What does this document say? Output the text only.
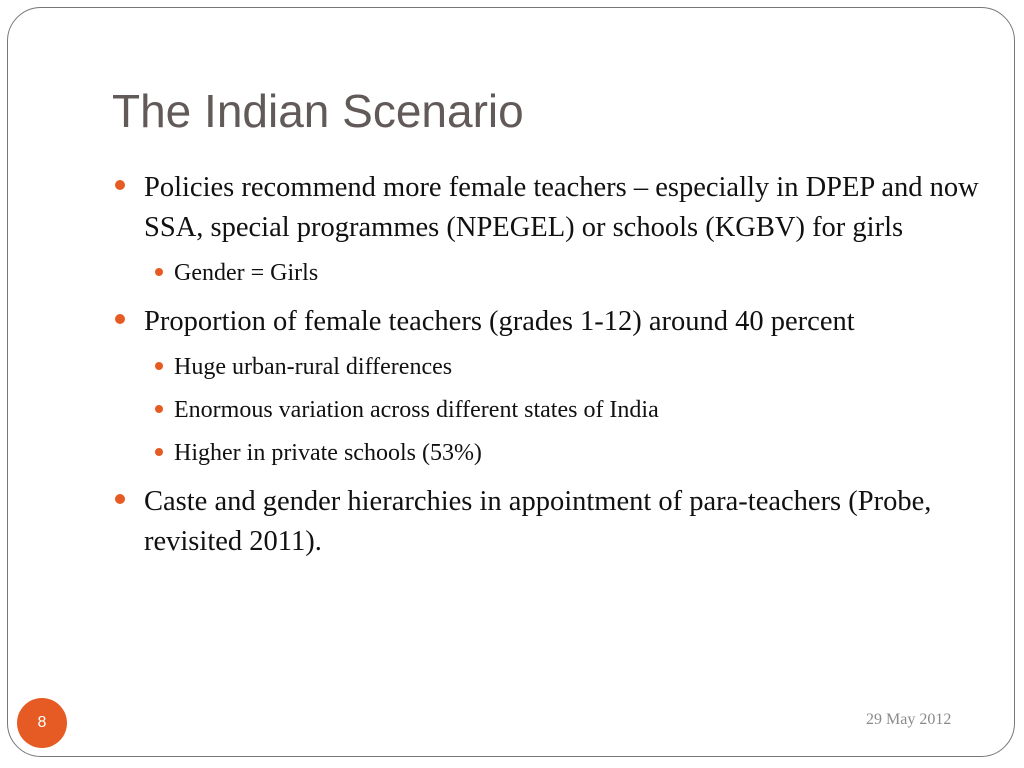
The Indian Scenario
Policies recommend more female teachers – especially in DPEP and now SSA, special programmes (NPEGEL) or schools (KGBV) for girls
Gender = Girls
Proportion of female teachers (grades 1-12) around 40 percent
Huge urban-rural differences
Enormous variation across different states of India
Higher in private schools (53%)
Caste and gender hierarchies in appointment of para-teachers (Probe, revisited 2011).
8	29 May 2012
